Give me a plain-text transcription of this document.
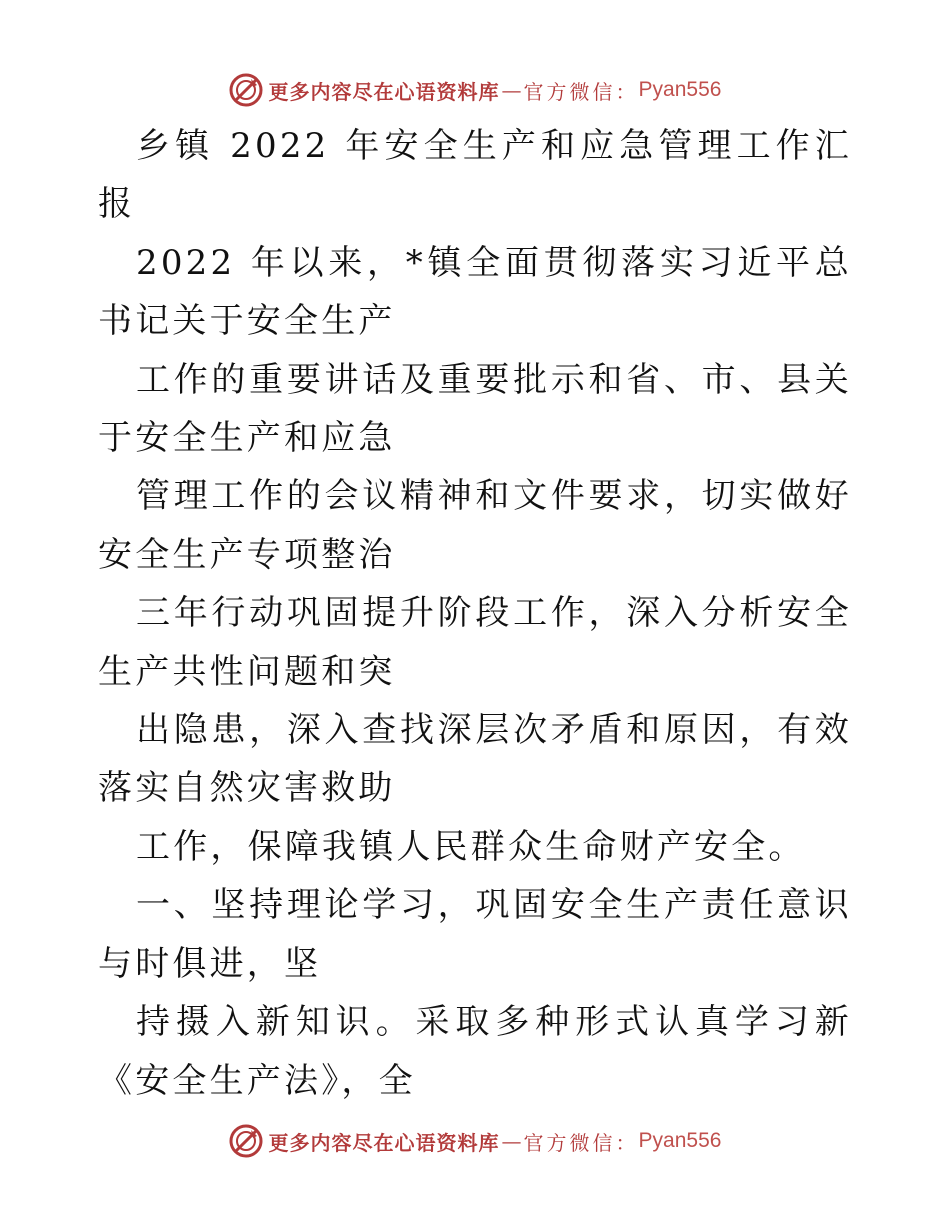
更多内容尽在心语资料库 — 官方微信： Pyan556

乡镇 2022 年安全生产和应急管理工作汇报

2022 年以来，*镇全面贯彻落实习近平总书记关于安全生产

工作的重要讲话及重要批示和省、市、县关于安全生产和应急

管理工作的会议精神和文件要求，切实做好安全生产专项整治

三年行动巩固提升阶段工作，深入分析安全生产共性问题和突

出隐患，深入查找深层次矛盾和原因，有效落实自然灾害救助

工作，保障我镇人民群众生命财产安全。

一、坚持理论学习，巩固安全生产责任意识与时俱进，坚

持摄入新知识。采取多种形式认真学习新《安全生产法》，全

更多内容尽在心语资料库 — 官方微信： Pyan556
